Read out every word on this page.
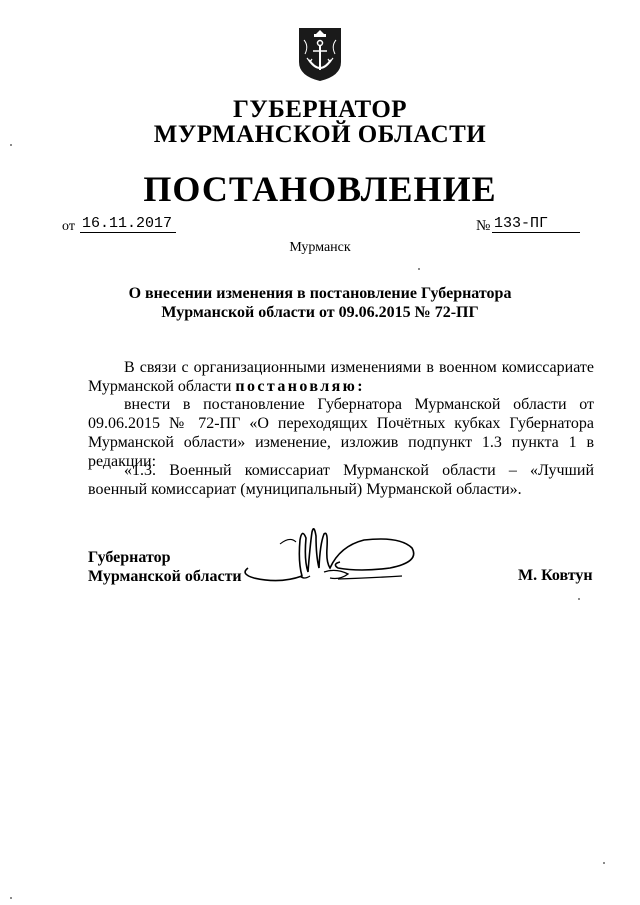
ГУБЕРНАТОР
МУРМАНСКОЙ ОБЛАСТИ
ПОСТАНОВЛЕНИЕ
от 16.11.2017	№ 133-ПГ
Мурманск
О внесении изменения в постановление Губернатора
Мурманской области от 09.06.2015 № 72-ПГ
В связи с организационными изменениями в военном комиссариате Мурманской области постановляю:
внести в постановление Губернатора Мурманской области от 09.06.2015 № 72-ПГ «О переходящих Почётных кубках Губернатора Мурманской области» изменение, изложив подпункт 1.3 пункта 1 в редакции:
«1.3. Военный комиссариат Мурманской области – «Лучший военный комиссариат (муниципальный) Мурманской области».
Губернатор
Мурманской области	М. Ковтун
